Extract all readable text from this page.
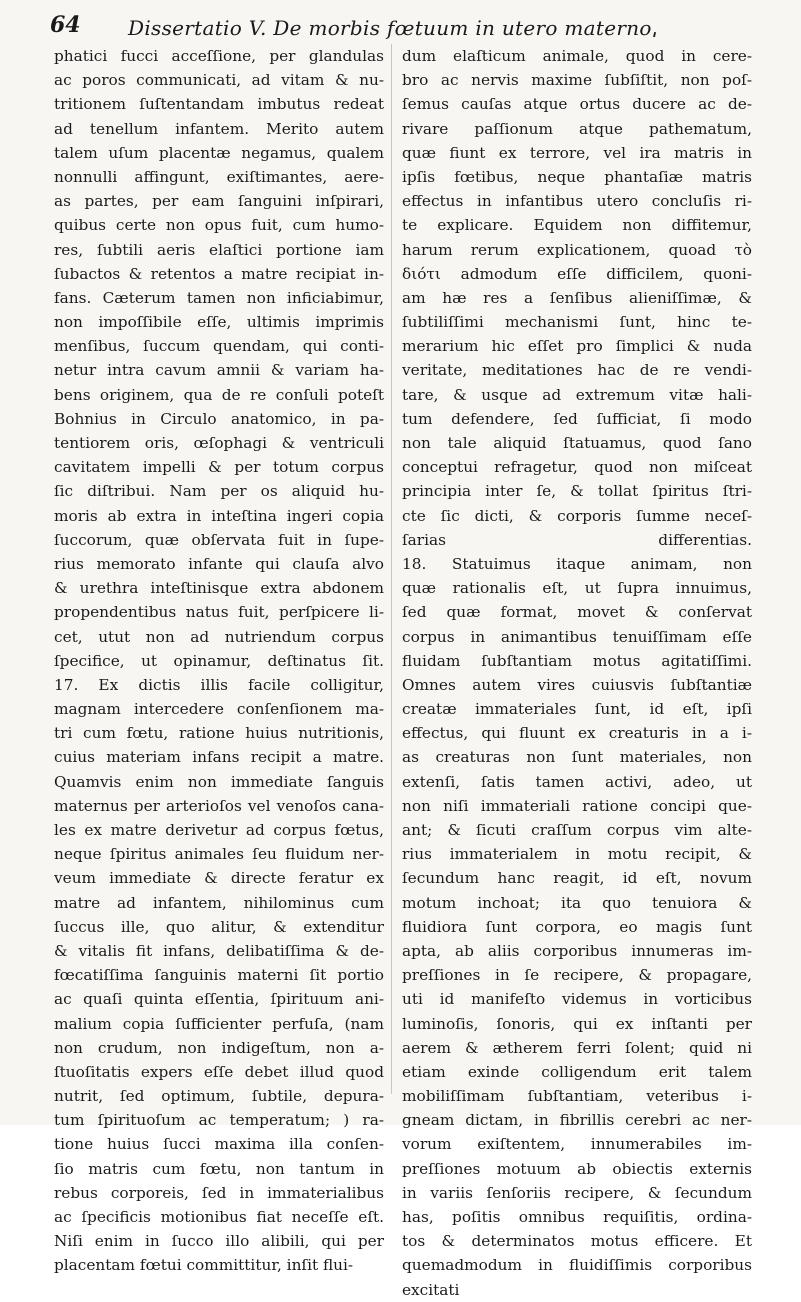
64 Dissertatio V. De morbis fœtuum in utero maternoˌ
phatici fucci acceſſione, per glandulas
ac poros communicati, ad vitam & nu-
tritionem ſuſtentandam imbutus redeat
ad tenellum infantem. Merito autem
talem uſum placentæ negamus, qualem
nonnulli affingunt, exiſtimantes, aere-
as partes, per eam ſanguini inſpirari,
quibus certe non opus fuit, cum humo-
res, ſubtili aeris elaſtici portione iam
ſubactos & retentos a matre recipiat in-
fans. Cæterum tamen non inficiabimur,
non impoſſibile eſſe, ultimis imprimis
menſibus, ſuccum quendam, qui conti-
netur intra cavum amnii & variam ha-
bens originem, qua de re conſuli poteſt
Bohnius in Circulo anatomico, in pa-
tentiorem oris, œſophagi & ventriculi
cavitatem impelli & per totum corpus
ſic diſtribui. Nam per os aliquid hu-
moris ab extra in inteſtina ingeri copia
ſuccorum, quæ obſervata fuit in ſupe-
rius memorato infante qui clauſa alvo
& urethra inteſtinisque extra abdonem
propendentibus natus fuit, perſpicere li-
cet, utut non ad nutriendum corpus
ſpecifice, ut opinamur, deſtinatus ſit.
17. Ex dictis illis facile colligitur,
magnam intercedere conſenſionem ma-
tri cum fœtu, ratione huius nutritionis,
cuius materiam infans recipit a matre.
Quamvis enim non immediate ſanguis
maternus per arterioſos vel venoſos cana-
les ex matre derivetur ad corpus fœtus,
neque ſpiritus animales ſeu fluidum ner-
veum immediate & directe feratur ex
matre ad infantem, nihilominus cum
ſuccus ille, quo alitur, & extenditur
& vitalis fit infans, delibatiſſima & de-
fœcatiſſima ſanguinis materni ſit portio
ac quaſi quinta eſſentia, ſpirituum ani-
malium copia ſufficienter perfuſa, (nam
non crudum, non indigeſtum, non a-
ſtuoſitatis expers eſſe debet illud quod
nutrit, ſed optimum, ſubtile, depura-
tum ſpirituoſum ac temperatum; ) ra-
tione huius ſucci maxima illa conſen-
ſio matris cum fœtu, non tantum in
rebus corporeis, ſed in immaterialibus
ac ſpecificis motionibus fiat neceſſe eſt.
Niſi enim in ſucco illo alibili, qui per
placentam fœtui committitur, inſit flui-
dum elaſticum animale, quod in cere-
bro ac nervis maxime ſubſiſtit, non poſ-
ſemus cauſas atque ortus ducere ac de-
rivare paſſionum atque pathematum,
quæ fiunt ex terrore, vel ira matris in
ipſis fœtibus, neque phantaſiæ matris
effectus in infantibus utero concluſis ri-
te explicare. Equidem non diffitemur,
harum rerum explicationem, quoad τὸ
διότι admodum eſſe difficilem, quoni-
am hæ res a ſenſibus alieniſſimæ, &
ſubtiliſſimi mechanismi ſunt, hinc te-
merarium hic eſſet pro ſimplici & nuda
veritate, meditationes hac de re vendi-
tare, & usque ad extremum vitæ hali-
tum defendere, ſed ſufficiat, ſi modo
non tale aliquid ſtatuamus, quod ſano
conceptui refragetur, quod non miſceat
principia inter ſe, & tollat ſpiritus ſtri-
cte ſic dicti, & corporis ſumme neceſ-
ſarias differentias.
18. Statuimus itaque animam, non
quæ rationalis eſt, ut ſupra innuimus,
ſed quæ format, movet & conſervat
corpus in animantibus tenuiſſimam eſſe
fluidam ſubſtantiam motus agitatiſſimi.
Omnes autem vires cuiusvis ſubſtantiæ
creatæ immateriales ſunt, id eſt, ipſi
effectus, qui fluunt ex creaturis in a i-
as creaturas non ſunt materiales, non
extenſi, ſatis tamen activi, adeo, ut
non niſi immateriali ratione concipi que-
ant; & ſicuti craſſum corpus vim alte-
rius immaterialem in motu recipit, &
ſecundum hanc reagit, id eſt, novum
motum inchoat; ita quo tenuiora &
fluidiora ſunt corpora, eo magis ſunt
apta, ab aliis corporibus innumeras im-
preſſiones in ſe recipere, & propagare,
uti id manifeſto videmus in vorticibus
luminoſis, ſonoris, qui ex inſtanti per
aerem & ætherem ferri ſolent; quid ni
etiam exinde colligendum erit talem
mobiliſſimam ſubſtantiam, veteribus i-
gneam dictam, in fibrillis cerebri ac ner-
vorum exiſtentem, innumerabiles im-
preſſiones motuum ab obiectis externis
in variis ſenſoriis recipere, & ſecundum
has, poſitis omnibus requiſitis, ordina-
tos & determinatos motus efficere. Et
quemadmodum in fluidiſſimis corporibus
excitati
